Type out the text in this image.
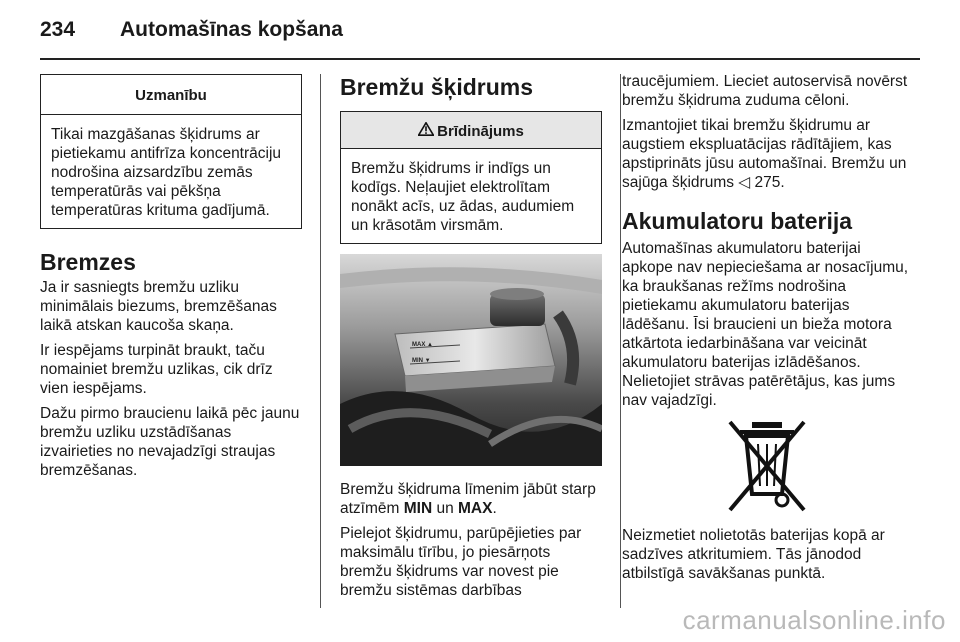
234 Automašīnas kopšana
Uzmanību

Tikai mazgāšanas šķidrums ar pietiekamu antifrīza koncentrāciju nodrošina aizsardzību zemās temperatūrās vai pēkšņa temperatūras krituma gadījumā.

Bremzes

Ja ir sasniegts bremžu uzliku minimālais biezums, bremzēšanas laikā atskan kaucoša skaņa.

Ir iespējams turpināt braukt, taču nomainiet bremžu uzlikas, cik drīz vien iespējams.

Dažu pirmo braucienu laikā pēc jaunu bremžu uzliku uzstādīšanas izvairieties no nevajadzīgi straujas bremzēšanas.

Bremžu šķidrums
Brīdinājums

Bremžu šķidrums ir indīgs un kodīgs. Neļaujiet elektrolītam nonākt acīs, uz ādas, audumiem un krāsotām virsmām.

MAX ▲
MIN ▼

Bremžu šķidruma līmenim jābūt starp atzīmēm MIN un MAX.

Pielejot šķidrumu, parūpējieties par maksimālu tīrību, jo piesārņots bremžu šķidrums var novest pie bremžu sistēmas darbības

traucējumiem. Lieciet autoservisā novērst bremžu šķidruma zuduma cēloni.

Izmantojiet tikai bremžu šķidrumu ar augstiem ekspluatācijas rādītājiem, kas apstiprināts jūsu automašīnai. Bremžu un sajūga šķidrums ◁ 275.

Akumulatoru baterija

Automašīnas akumulatoru baterijai apkope nav nepieciešama ar nosacījumu, ka braukšanas režīms nodrošina pietiekamu akumulatoru baterijas lādēšanu. Īsi braucieni un bieža motora atkārtota iedarbināšana var veicināt akumulatoru baterijas izlādēšanos. Nelietojiet strāvas patērētājus, kas jums nav vajadzīgi.

Neizmetiet nolietotās baterijas kopā ar sadzīves atkritumiem. Tās jānodod atbilstīgā savākšanas punktā.

carmanualsonline.info
